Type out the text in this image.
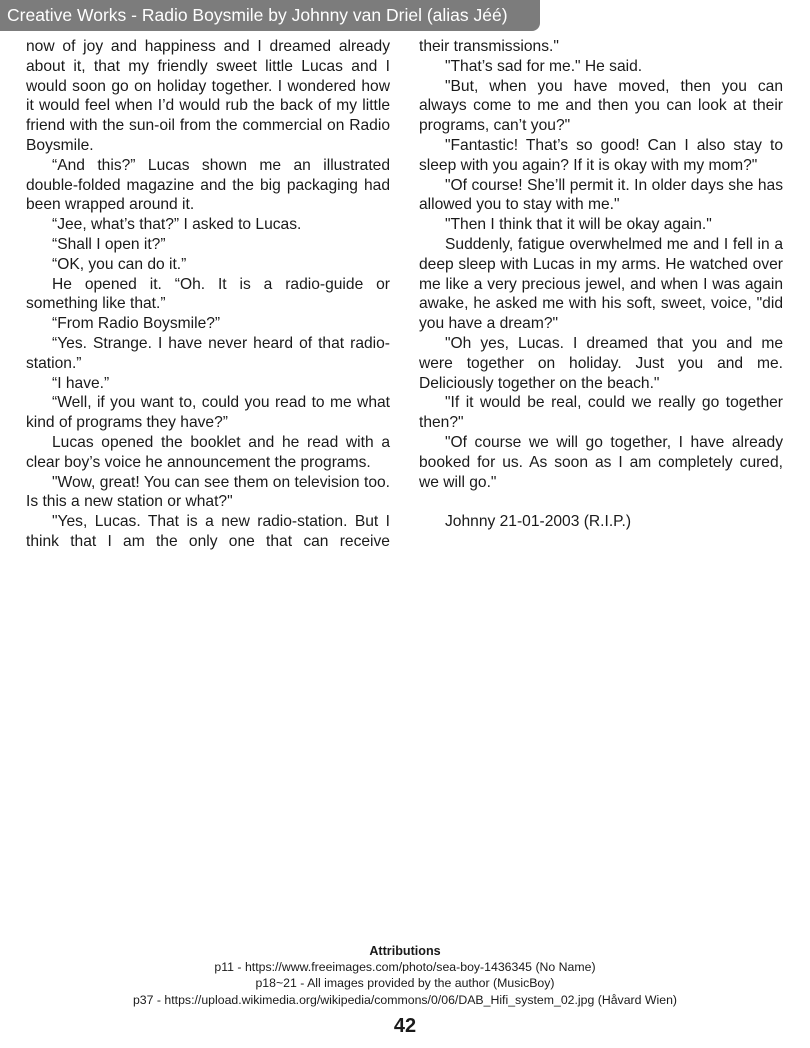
Creative Works - Radio Boysmile by Johnny van Driel (alias Jéé)

now of joy and happiness and I dreamed already about it, that my friendly sweet little Lucas and I would soon go on holiday together. I wondered how it would feel when I’d would rub the back of my little friend with the sun-oil from the commercial on Radio Boysmile.

“And this?” Lucas shown me an illustrated double-folded magazine and the big packaging had been wrapped around it.

“Jee, what’s that?” I asked to Lucas.

“Shall I open it?”

“OK, you can do it.”

He opened it. “Oh. It is a radio-guide or something like that.”

“From Radio Boysmile?”

“Yes. Strange. I have never heard of that radio-station.”

“I have.”

“Well, if you want to, could you read to me what kind of programs they have?”

Lucas opened the booklet and he read with a clear boy’s voice he announcement the programs.

"Wow, great! You can see them on television too. Is this a new station or what?"

"Yes, Lucas. That is a new radio-station. But I think that I am the only one that can receive

their transmissions."

"That’s sad for me." He said.

"But, when you have moved, then you can always come to me and then you can look at their programs, can’t you?"

"Fantastic! That’s so good! Can I also stay to sleep with you again? If it is okay with my mom?"

"Of course! She’ll permit it. In older days she has allowed you to stay with me."

"Then I think that it will be okay again."

Suddenly, fatigue overwhelmed me and I fell in a deep sleep with Lucas in my arms. He watched over me like a very precious jewel, and when I was again awake, he asked me with his soft, sweet, voice, "did you have a dream?"

"Oh yes, Lucas. I dreamed that you and me were together on holiday. Just you and me. Deliciously together on the beach."

"If it would be real, could we really go together then?"

"Of course we will go together, I have already booked for us. As soon as I am completely cured, we will go."

Johnny 21-01-2003 (R.I.P.)

Attributions
p11 - https://www.freeimages.com/photo/sea-boy-1436345 (No Name)
p18~21 - All images provided by the author (MusicBoy)
p37 - https://upload.wikimedia.org/wikipedia/commons/0/06/DAB_Hifi_system_02.jpg (Håvard Wien)
42
